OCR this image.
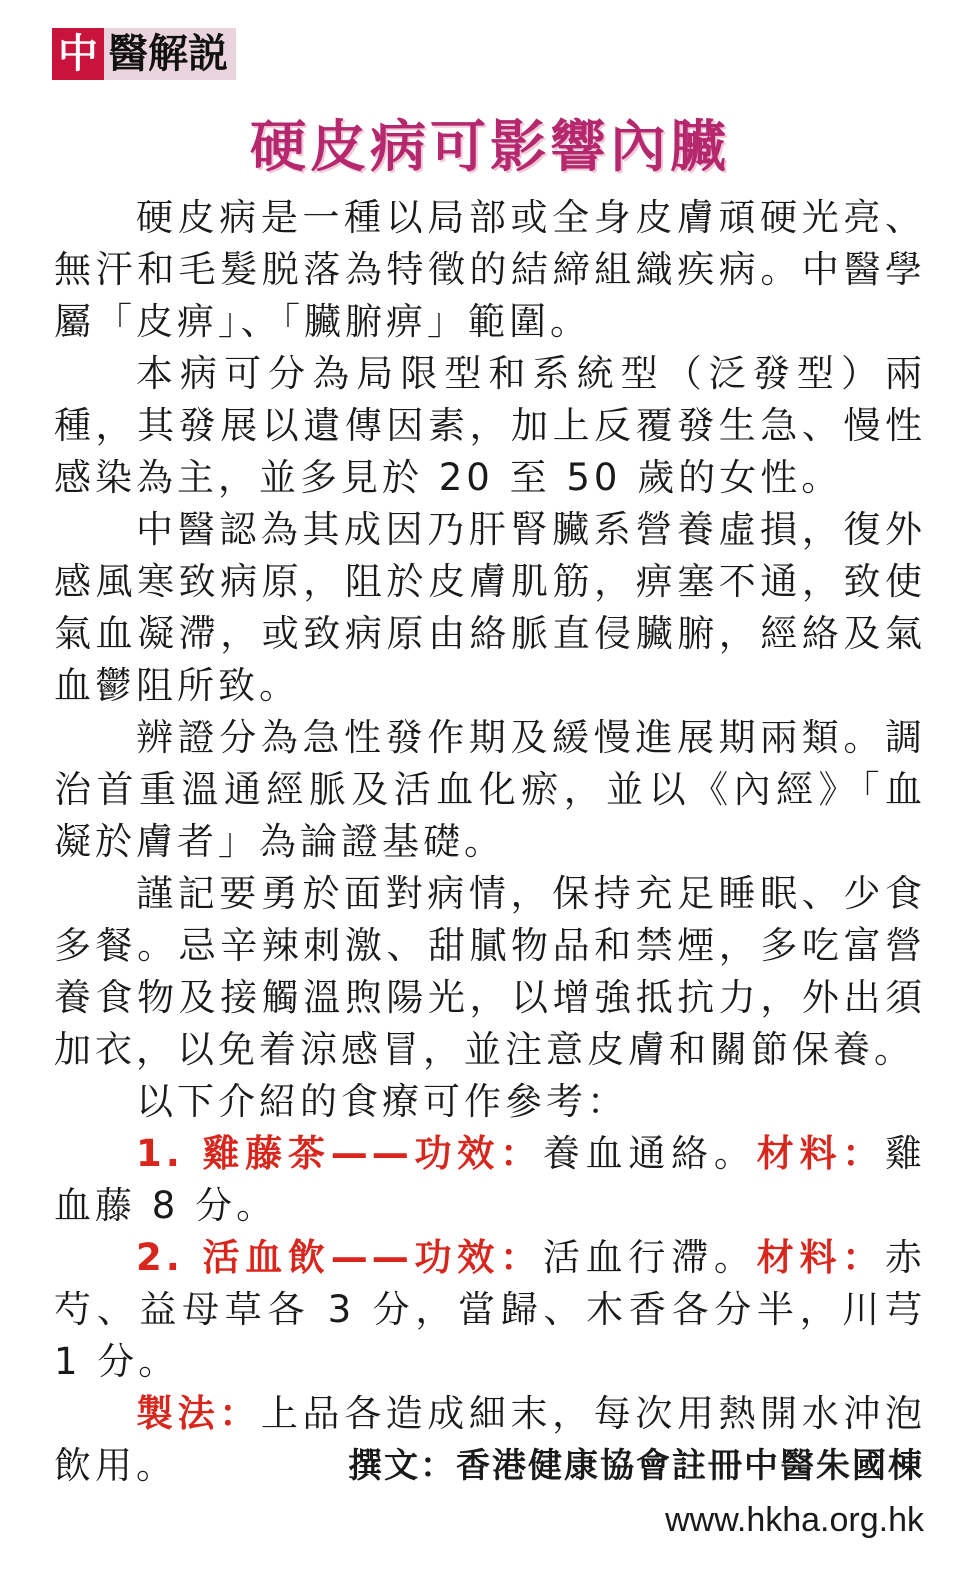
中 醫解説
硬皮病可影響內臟

硬皮病是一種以局部或全身皮膚頑硬光亮、無汗和毛髮脱落為特徵的結締組織疾病。中醫學屬「皮痹」、「臟腑痹」範圍。

本病可分為局限型和系統型（泛發型）兩種，其發展以遺傳因素，加上反覆發生急、慢性感染為主，並多見於 20 至 50 歲的女性。

中醫認為其成因乃肝腎臟系營養虛損，復外感風寒致病原，阻於皮膚肌筋，痹塞不通，致使氣血凝滯，或致病原由絡脈直侵臟腑，經絡及氣血鬱阻所致。

辨證分為急性發作期及緩慢進展期兩類。調治首重溫通經脈及活血化瘀，並以《內經》「血凝於膚者」為論證基礎。

謹記要勇於面對病情，保持充足睡眠、少食多餐。忌辛辣刺激、甜膩物品和禁煙，多吃富營養食物及接觸溫煦陽光，以增強抵抗力，外出須加衣，以免着涼感冒，並注意皮膚和關節保養。

以下介紹的食療可作參考：

1. 雞藤茶——功效：養血通絡。材料：雞血藤 8 分。

2. 活血飲——功效：活血行滯。材料：赤芍、益母草各 3 分，當歸、木香各分半，川芎 1 分。

製法：上品各造成細末，每次用熱開水沖泡飲用。	撰文：香港健康協會註冊中醫朱國棟
www.hkha.org.hk
